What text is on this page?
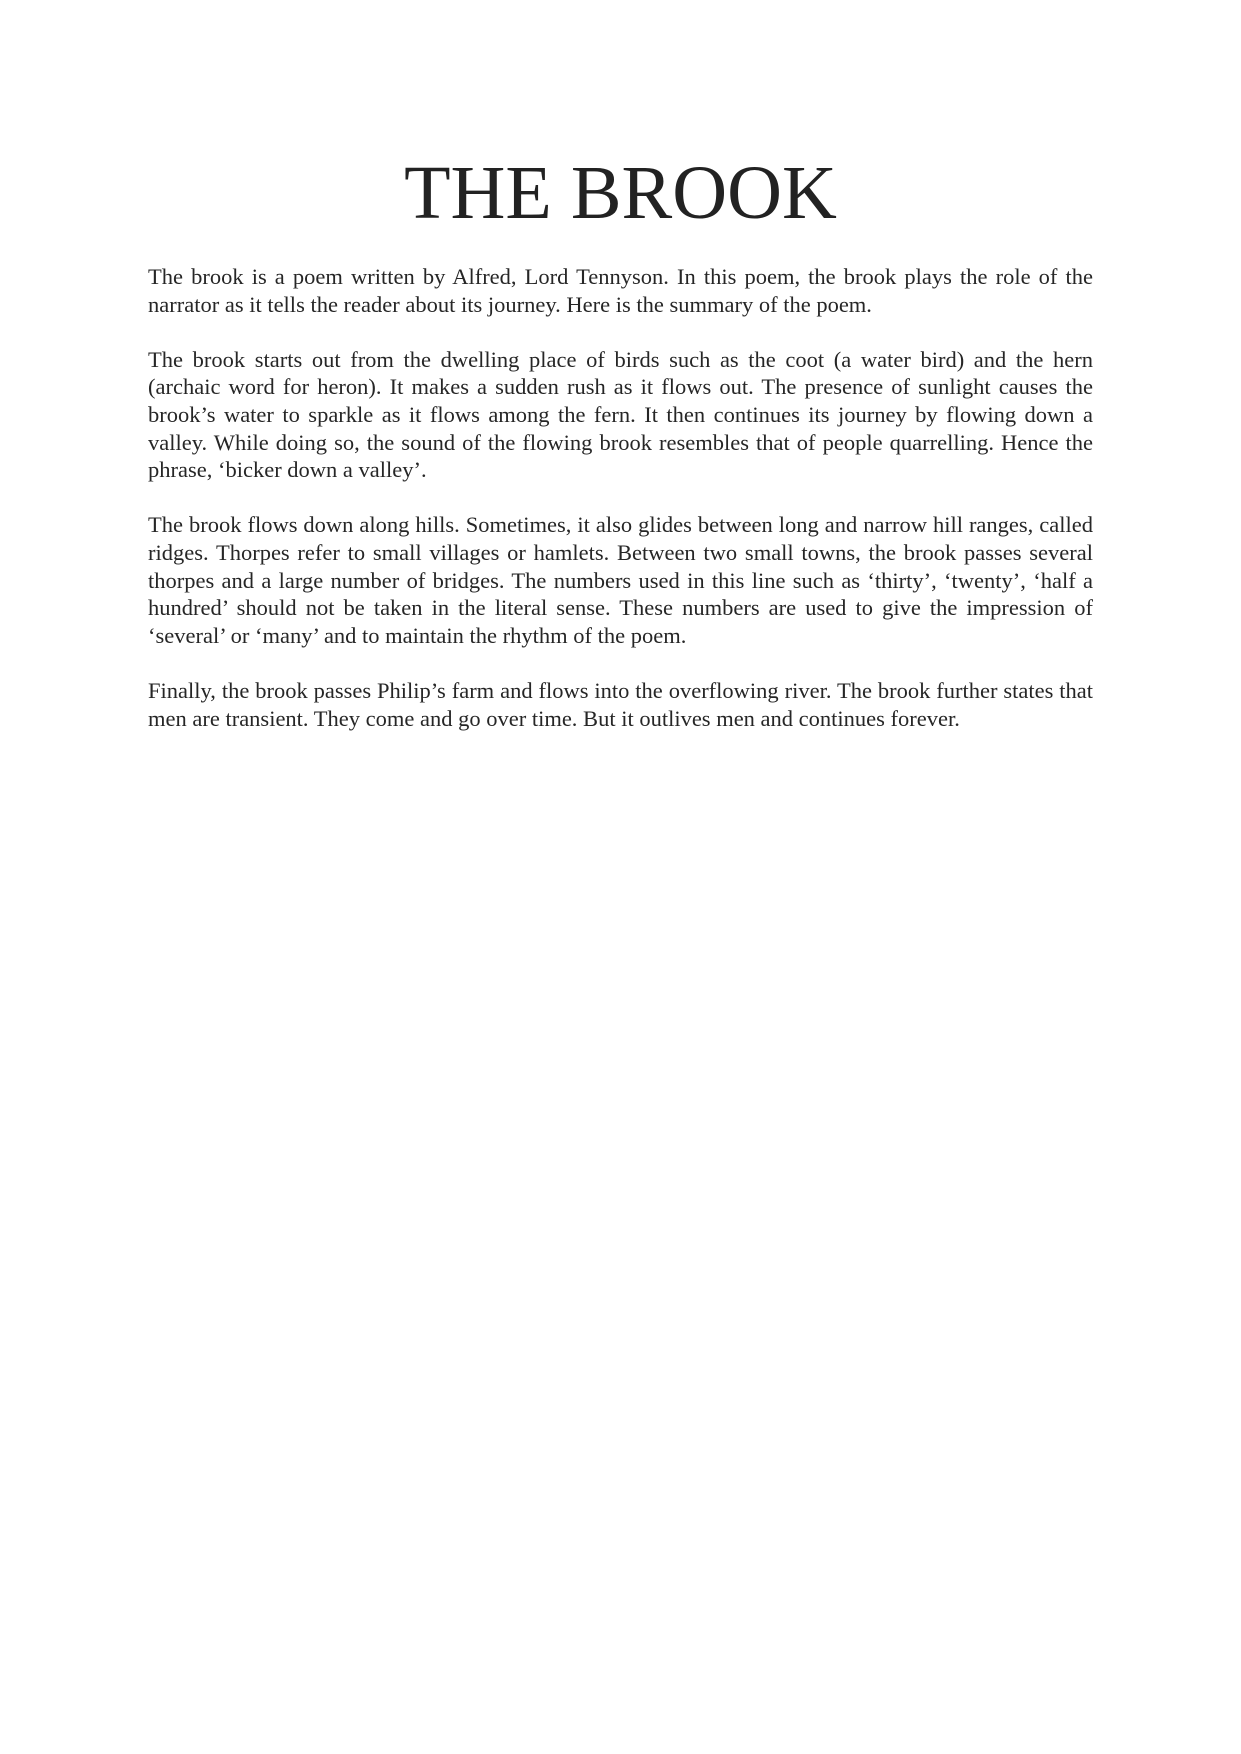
THE BROOK

The brook is a poem written by Alfred, Lord Tennyson. In this poem, the brook plays the role of the narrator as it tells the reader about its journey. Here is the summary of the poem.

The brook starts out from the dwelling place of birds such as the coot (a water bird) and the hern (archaic word for heron). It makes a sudden rush as it flows out. The presence of sunlight causes the brook’s water to sparkle as it flows among the fern. It then continues its journey by flowing down a valley. While doing so, the sound of the flowing brook resembles that of people quarrelling. Hence the phrase, ‘bicker down a valley’.

The brook flows down along hills. Sometimes, it also glides between long and narrow hill ranges, called ridges. Thorpes refer to small villages or hamlets. Between two small towns, the brook passes several thorpes and a large number of bridges. The numbers used in this line such as ‘thirty’, ‘twenty’, ‘half a hundred’ should not be taken in the literal sense. These numbers are used to give the impression of ‘several’ or ‘many’ and to maintain the rhythm of the poem.

Finally, the brook passes Philip’s farm and flows into the overflowing river. The brook further states that men are transient. They come and go over time. But it outlives men and continues forever.
